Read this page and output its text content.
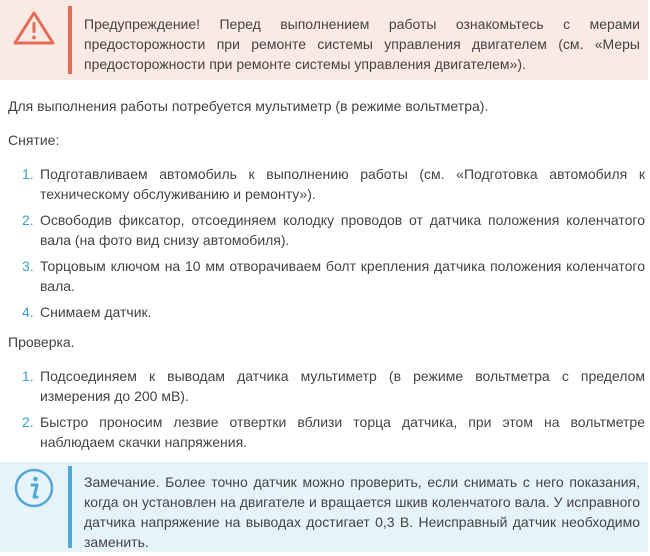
Предупреждение! Перед выполнением работы ознакомьтесь с мерами предосторожности при ремонте системы управления двигателем (см. «Меры предосторожности при ремонте системы управления двигателем»).
Для выполнения работы потребуется мультиметр (в режиме вольтметра).
Снятие:
1. Подготавливаем автомобиль к выполнению работы (см. «Подготовка автомобиля к техническому обслуживанию и ремонту»).
2. Освободив фиксатор, отсоединяем колодку проводов от датчика положения коленчатого вала (на фото вид снизу автомобиля).
3. Торцовым ключом на 10 мм отворачиваем болт крепления датчика положения коленчатого вала.
4. Снимаем датчик.
Проверка.
1. Подсоединяем к выводам датчика мультиметр (в режиме вольтметра с пределом измерения до 200 мВ).
2. Быстро проносим лезвие отвертки вблизи торца датчика, при этом на вольтметре наблюдаем скачки напряжения.
Замечание. Более точно датчик можно проверить, если снимать с него показания, когда он установлен на двигателе и вращается шкив коленчатого вала. У исправного датчика напряжение на выводах достигает 0,3 В. Неисправный датчик необходимо заменить.
